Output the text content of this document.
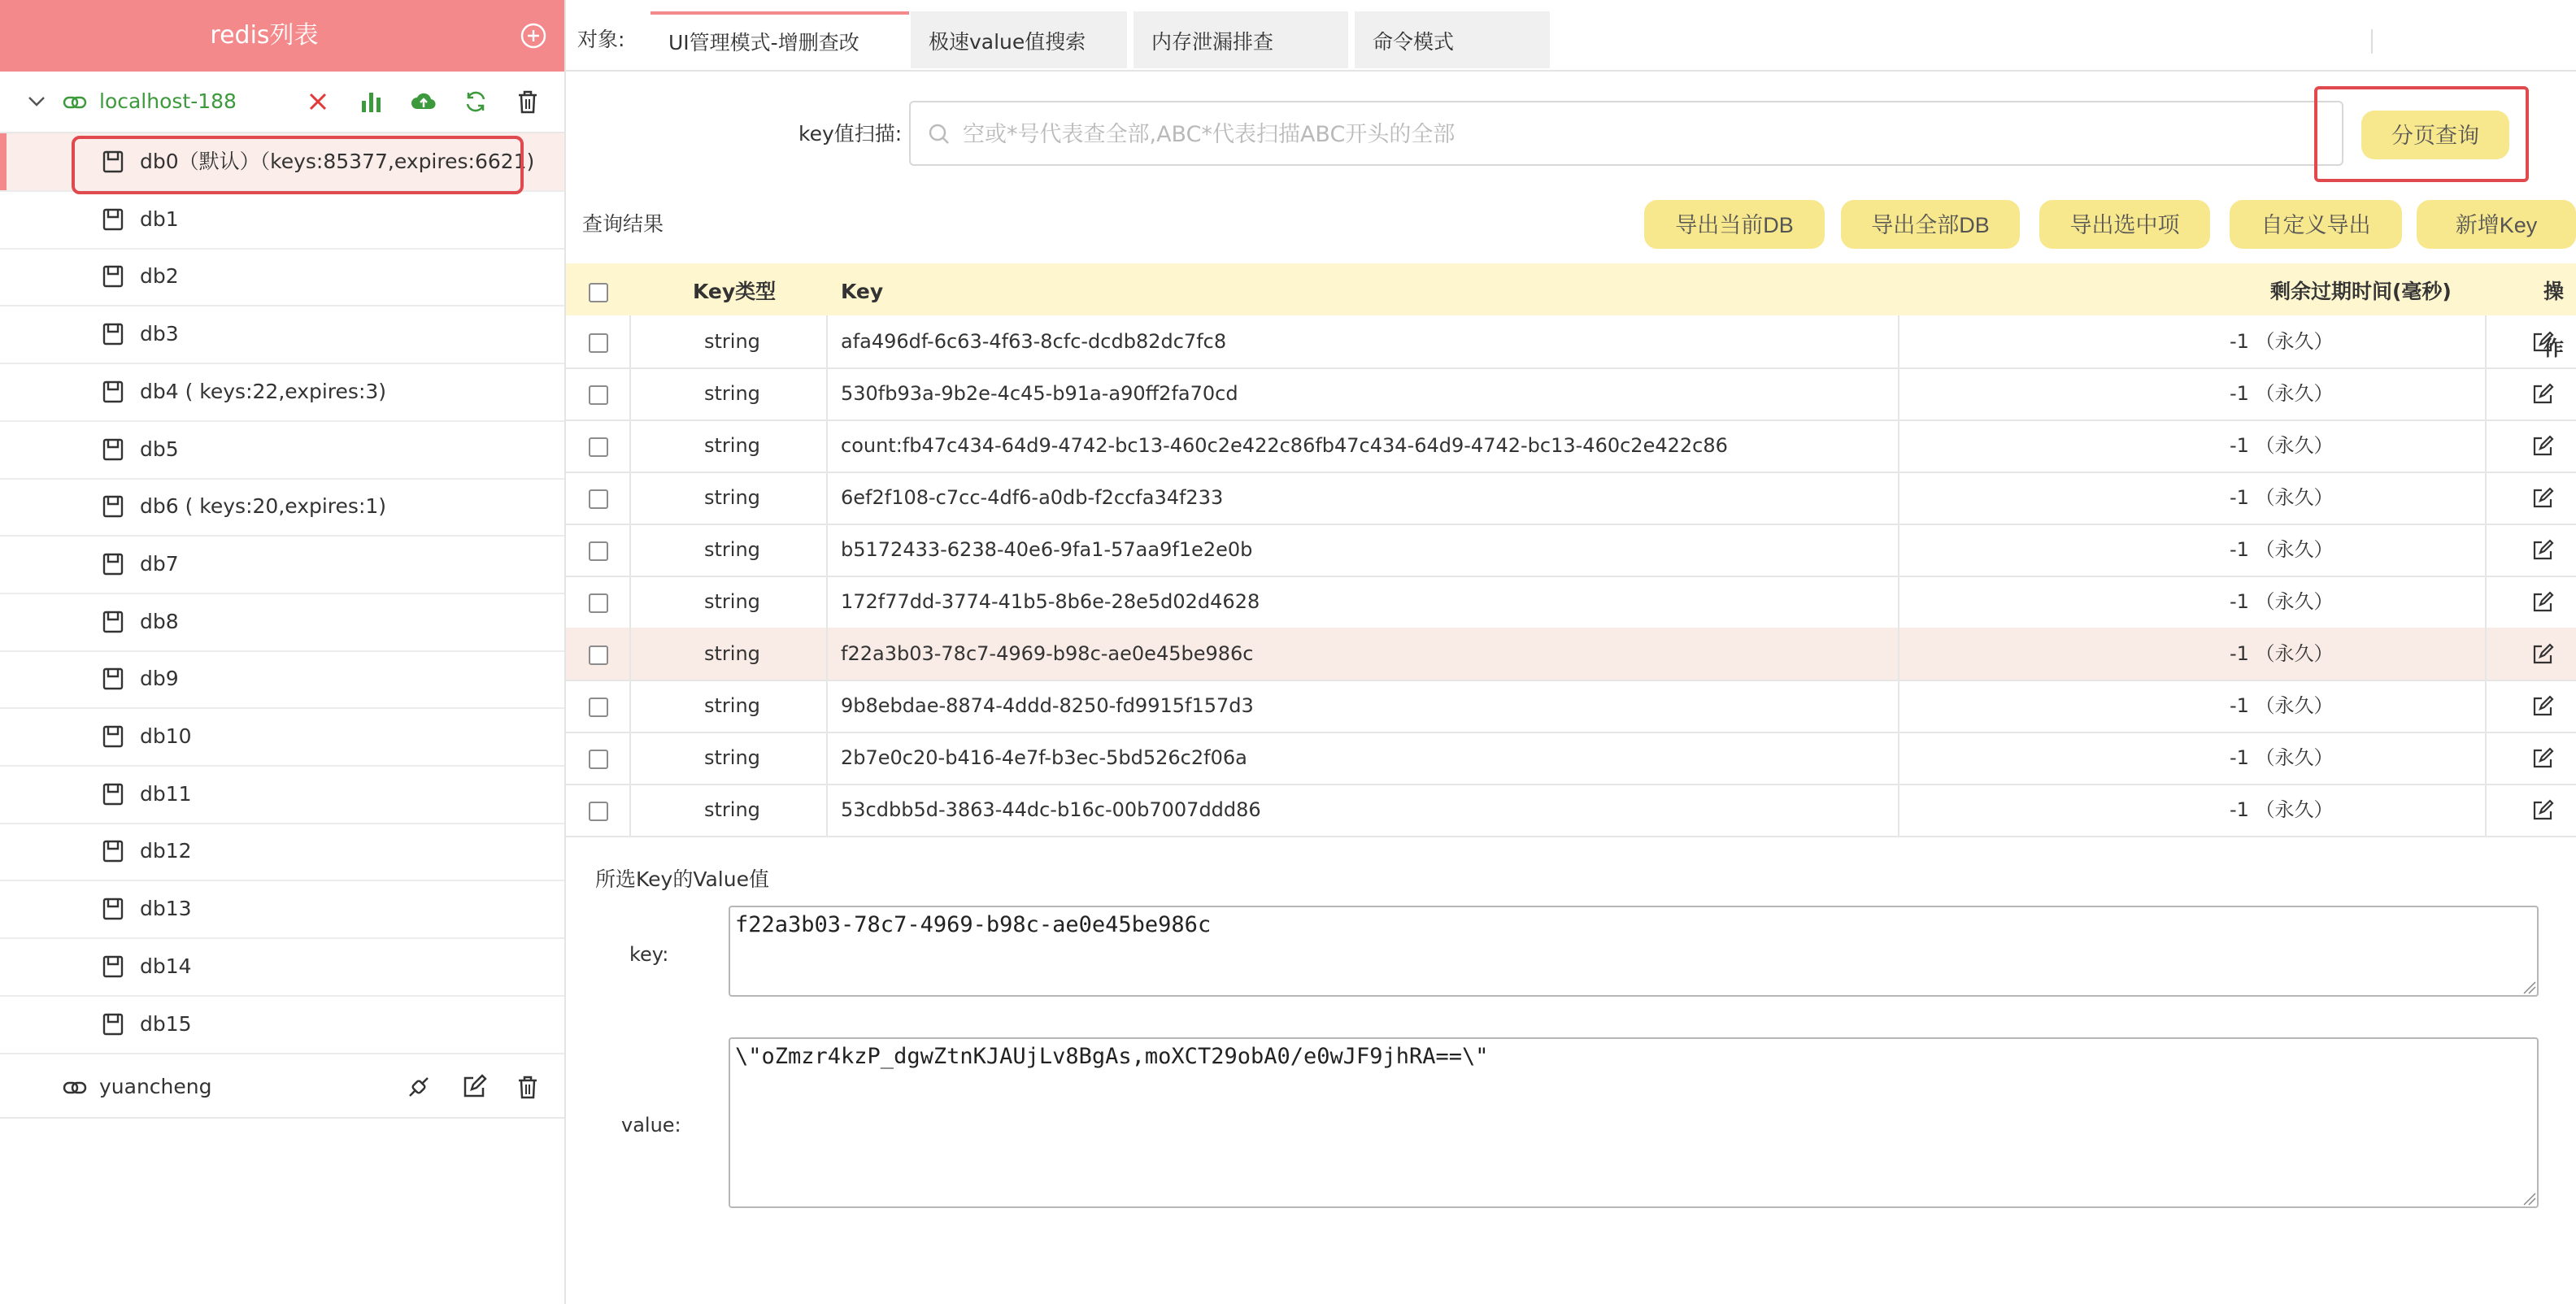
redis列表
localhost-188
db0（默认）（keys:85377,expires:6621)
db1
db2
db3
db4 ( keys:22,expires:3)
db5
db6 ( keys:20,expires:1)
db7
db8
db9
db10
db11
db12
db13
db14
db15
yuancheng
对象:	UI管理模式-增删查改	极速value值搜索	内存泄漏排查	命令模式
key值扫描:
空或*号代表查全部,ABC*代表扫描ABC开头的全部	分页查询
查询结果	导出当前DB	导出全部DB	导出选中项	自定义导出	新增Key
Key类型	Key	剩余过期时间(毫秒)	操作
string	afa496df-6c63-4f63-8cfc-dcdb82dc7fc8	-1 （永久）
string	530fb93a-9b2e-4c45-b91a-a90ff2fa70cd	-1 （永久）
string	count:fb47c434-64d9-4742-bc13-460c2e422c86fb47c434-64d9-4742-bc13-460c2e422c86	-1 （永久）
string	6ef2f108-c7cc-4df6-a0db-f2ccfa34f233	-1 （永久）
string	b5172433-6238-40e6-9fa1-57aa9f1e2e0b	-1 （永久）
string	172f77dd-3774-41b5-8b6e-28e5d02d4628	-1 （永久）
string	f22a3b03-78c7-4969-b98c-ae0e45be986c	-1 （永久）
string	9b8ebdae-8874-4ddd-8250-fd9915f157d3	-1 （永久）
string	2b7e0c20-b416-4e7f-b3ec-5bd526c2f06a	-1 （永久）
string	53cdbb5d-3863-44dc-b16c-00b7007ddd86	-1 （永久）
所选Key的Value值
key:
f22a3b03-78c7-4969-b98c-ae0e45be986c
value:
\"oZmzr4kzP_dgwZtnKJAUjLv8BgAs,moXCT29obA0/e0wJF9jhRA==\"
